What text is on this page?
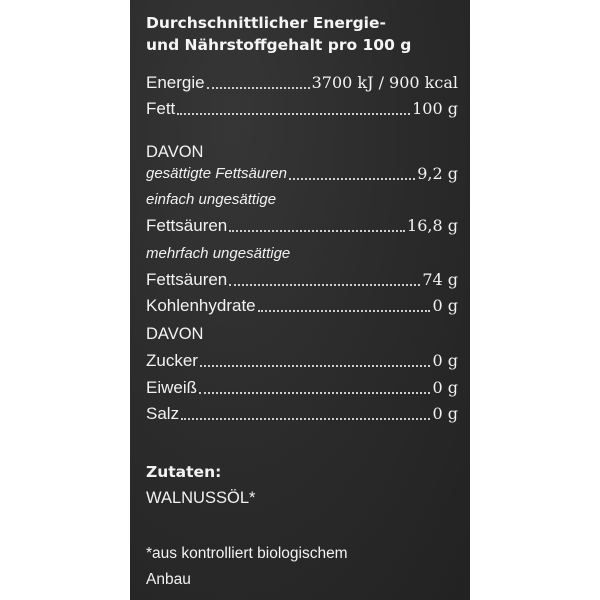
Durchschnittlicher Energie-
und Nährstoffgehalt pro 100 g
Energie	3700 kJ / 900 kcal
Fett	100 g
DAVON
gesättigte Fettsäuren	9,2 g
einfach ungesättige
Fettsäuren	16,8 g
mehrfach ungesättige
Fettsäuren	74 g
Kohlenhydrate	0 g
DAVON
Zucker	0 g
Eiweiß	0 g
Salz	0 g
Zutaten:
WALNUSSÖL*
*aus kontrolliert biologischem
Anbau
